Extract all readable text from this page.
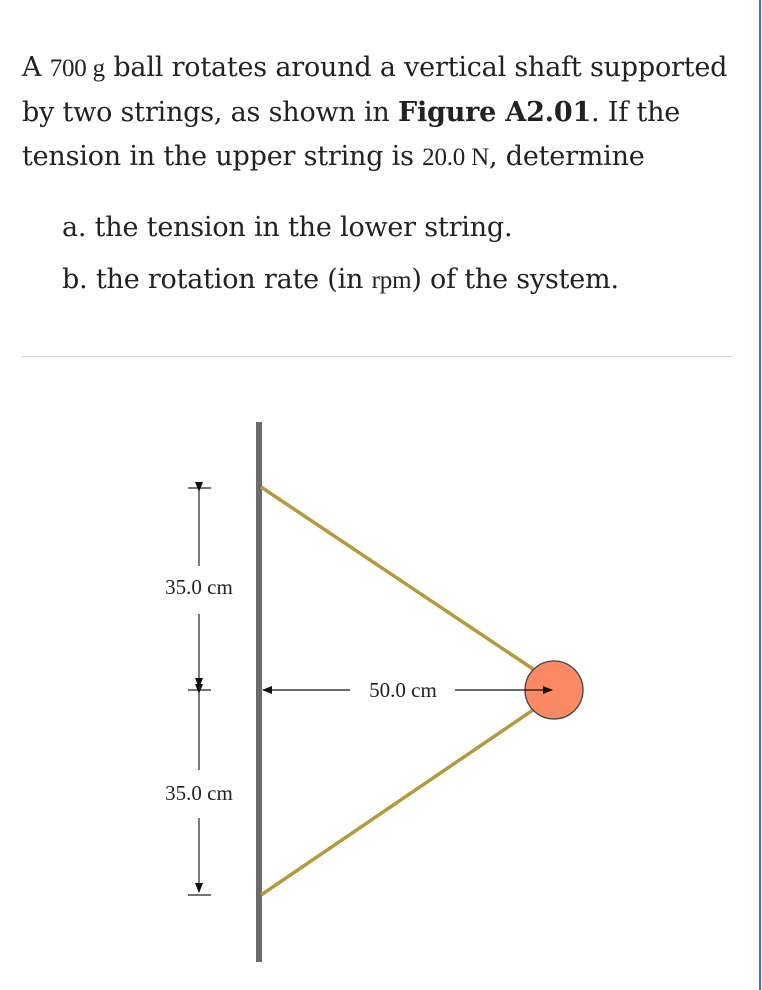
A 700 g ball rotates around a vertical shaft supported by two strings, as shown in Figure A2.01. If the tension in the upper string is 20.0 N, determine

a. the tension in the lower string.
b. the rotation rate (in rpm) of the system.
35.0 cm
35.0 cm
50.0 cm
